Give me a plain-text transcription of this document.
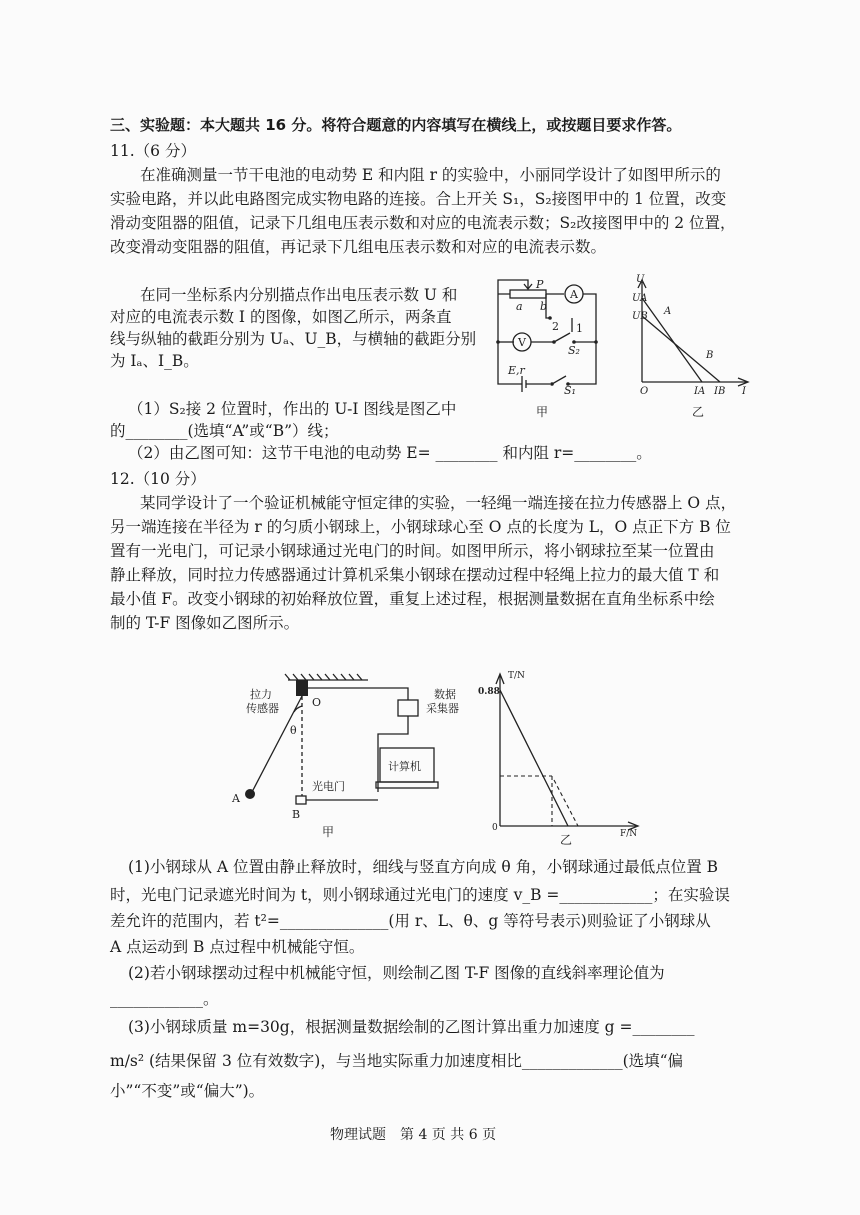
三、实验题：本大题共 16 分。将符合题意的内容填写在横线上，或按题目要求作答。
11.（6 分）
在准确测量一节干电池的电动势 E 和内阻 r 的实验中，小丽同学设计了如图甲所示的
实验电路，并以此电路图完成实物电路的连接。合上开关 S₁，S₂接图甲中的 1 位置，改变
滑动变阻器的阻值，记录下几组电压表示数和对应的电流表示数；S₂改接图甲中的 2 位置，
改变滑动变阻器的阻值，再记录下几组电压表示数和对应的电流表示数。
在同一坐标系内分别描点作出电压表示数 U 和
对应的电流表示数 I 的图像，如图乙所示，两条直
线与纵轴的截距分别为 Uₐ、U_B，与横轴的截距分别
为 Iₐ、I_B。
（1）S₂接 2 位置时，作出的 U-I 图线是图乙中
的________(选填“A”或“B”）线；
（2）由乙图可知：这节干电池的电动势 E= ________ 和内阻 r=________。
P
A
V
a b
1
2
S₂
S₁
E,r
甲
U
UA
UB A
B
O	IA IB I
乙
12.（10 分）
某同学设计了一个验证机械能守恒定律的实验，一轻绳一端连接在拉力传感器上 O 点，
另一端连接在半径为 r 的匀质小钢球上，小钢球球心至 O 点的长度为 L，O 点正下方 B 位
置有一光电门，可记录小钢球通过光电门的时间。如图甲所示，将小钢球拉至某一位置由
静止释放，同时拉力传感器通过计算机采集小钢球在摆动过程中轻绳上拉力的最大值 T 和
最小值 F。改变小钢球的初始释放位置，重复上述过程，根据测量数据在直角坐标系中绘
制的 T-F 图像如乙图所示。
拉力
传感器	O
θ
数据
采集器
计算机
光电门
A
B
甲
T/N
0.88
0
F/N
乙
(1)小钢球从 A 位置由静止释放时，细线与竖直方向成 θ 角，小钢球通过最低点位置 B
时，光电门记录遮光时间为 t，则小钢球通过光电门的速度 v_B =____________；在实验误
差允许的范围内，若 t²=______________(用 r、L、θ、g 等符号表示)则验证了小钢球从
A 点运动到 B 点过程中机械能守恒。
(2)若小钢球摆动过程中机械能守恒，则绘制乙图 T-F 图像的直线斜率理论值为
____________。
(3)小钢球质量 m=30g，根据测量数据绘制的乙图计算出重力加速度 g =________
m/s² (结果保留 3 位有效数字)，与当地实际重力加速度相比_____________(选填“偏
小”“不变”或“偏大”)。
物理试题　第 4 页 共 6 页
